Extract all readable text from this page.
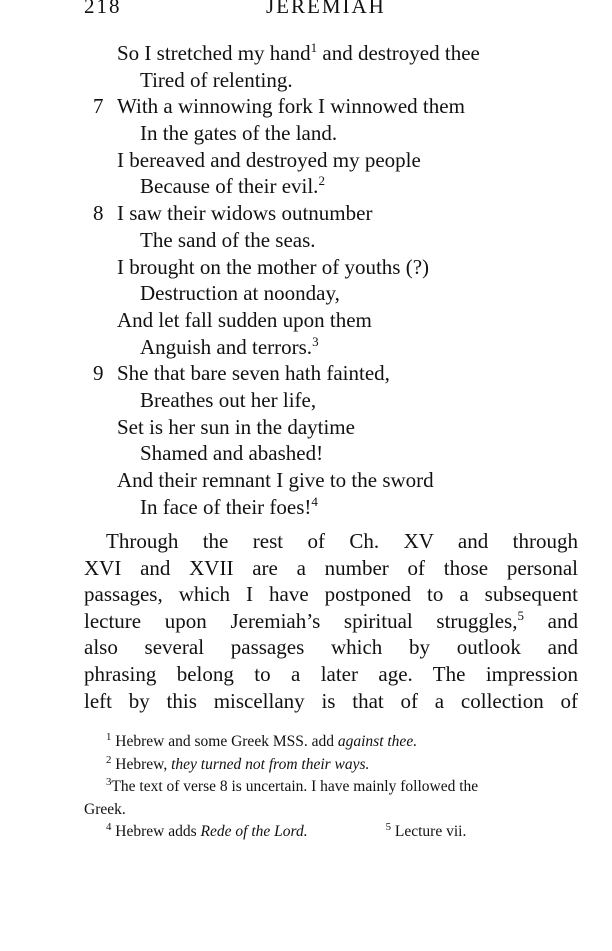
218	JEREMIAH
So I stretched my hand$^1$ and destroyed thee
Tired of relenting.
7 With a winnowing fork I winnowed them
In the gates of the land.
I bereaved and destroyed my people
Because of their evil.$^2$
8 I saw their widows outnumber
The sand of the seas.
I brought on the mother of youths (?)
Destruction at noonday,
And let fall sudden upon them
Anguish and terrors.$^3$
9 She that bare seven hath fainted,
Breathes out her life,
Set is her sun in the daytime
Shamed and abashed!
And their remnant I give to the sword
In face of their foes!$^4$
Through the rest of Ch. XV and through
XVI and XVII are a number of those personal
passages, which I have postponed to a subsequent
lecture upon Jeremiah’s spiritual struggles,$^5$ and
also several passages which by outlook and
phrasing belong to a later age. The impression
left by this miscellany is that of a collection of
$^1$ Hebrew and some Greek MSS. add against thee.
$^2$ Hebrew, they turned not from their ways.
$^3$The text of verse 8 is uncertain. I have mainly followed the
Greek.
$^4$ Hebrew adds Rede of the Lord.	$^5$ Lecture vii.
